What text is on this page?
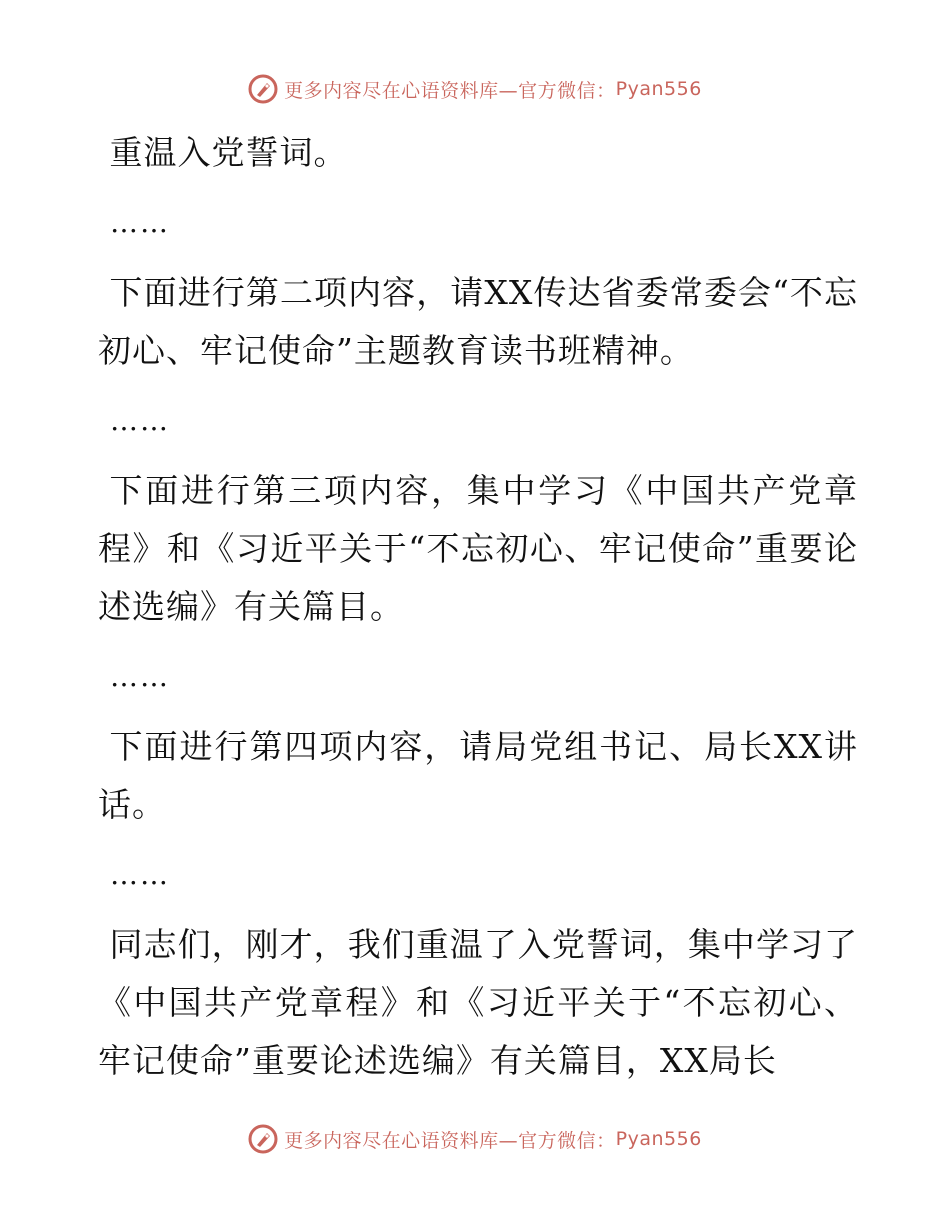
更多内容尽在心语资料库—官方微信： Pyan556

重温入党誓词。

……

下面进行第二项内容，请XX传达省委常委会“不忘初心、牢记使命”主题教育读书班精神。

……

下面进行第三项内容，集中学习《中国共产党章程》和《习近平关于“不忘初心、牢记使命”重要论述选编》有关篇目。

……

下面进行第四项内容，请局党组书记、局长XX讲话。

……

同志们，刚才，我们重温了入党誓词，集中学习了《中国共产党章程》和《习近平关于“不忘初心、牢记使命”重要论述选编》有关篇目，XX局长

更多内容尽在心语资料库—官方微信： Pyan556
